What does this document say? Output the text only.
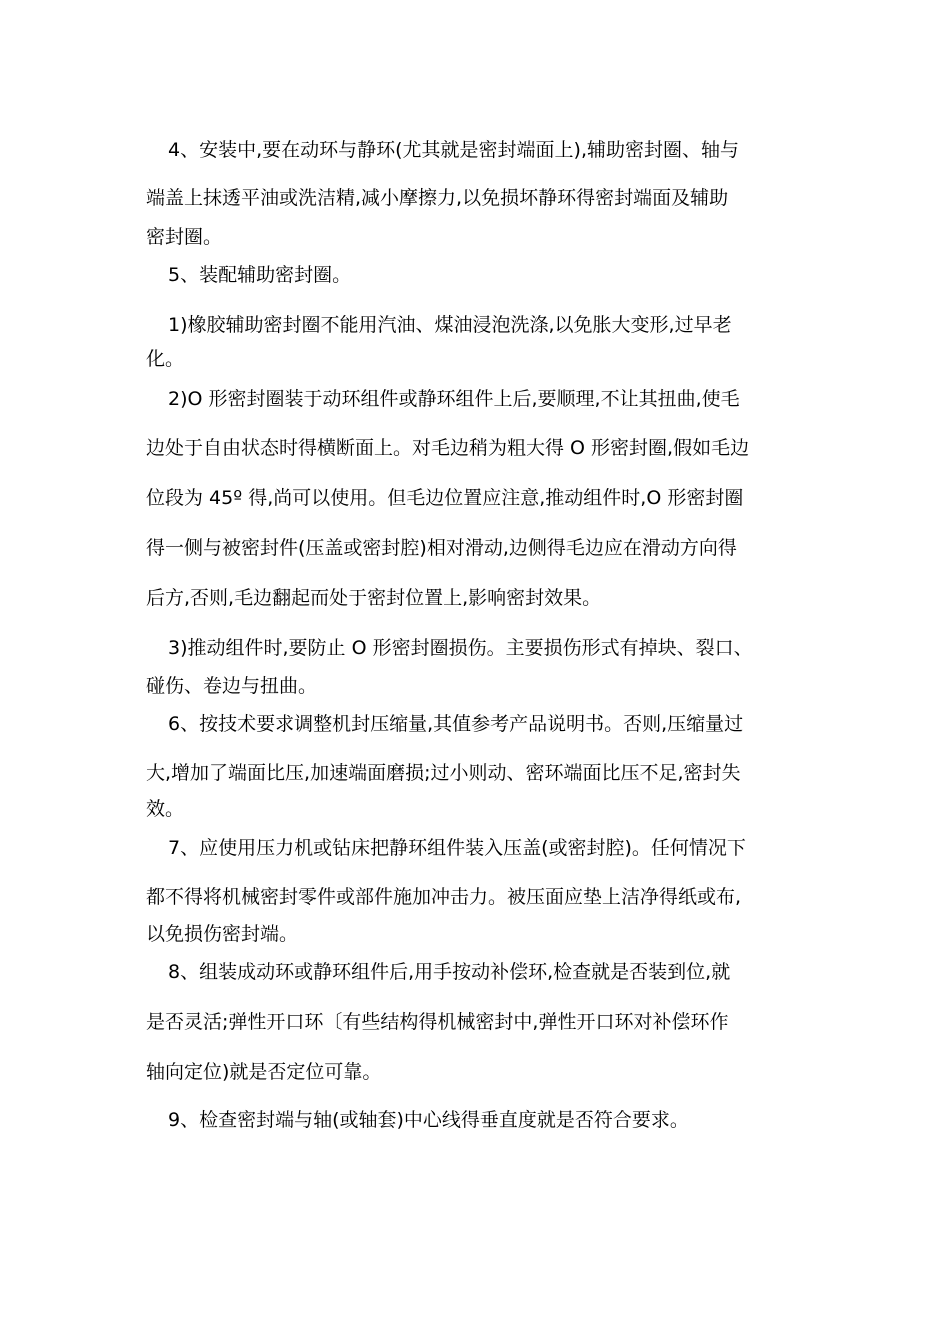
4、安装中,要在动环与静环(尤其就是密封端面上),辅助密封圈、轴与
端盖上抹透平油或洗洁精,减小摩擦力,以免损坏静环得密封端面及辅助
密封圈。
5、装配辅助密封圈。
1)橡胶辅助密封圈不能用汽油、煤油浸泡洗涤,以免胀大变形,过早老
化。
2)O 形密封圈装于动环组件或静环组件上后,要顺理,不让其扭曲,使毛
边处于自由状态时得横断面上。对毛边稍为粗大得 O 形密封圈,假如毛边
位段为 45º 得,尚可以使用。但毛边位置应注意,推动组件时,O 形密封圈
得一侧与被密封件(压盖或密封腔)相对滑动,边侧得毛边应在滑动方向得
后方,否则,毛边翻起而处于密封位置上,影响密封效果。
3)推动组件时,要防止 O 形密封圈损伤。主要损伤形式有掉块、裂口、
碰伤、卷边与扭曲。
6、按技术要求调整机封压缩量,其值参考产品说明书。否则,压缩量过
大,增加了端面比压,加速端面磨损;过小则动、密环端面比压不足,密封失
效。
7、应使用压力机或钻床把静环组件装入压盖(或密封腔)。任何情况下
都不得将机械密封零件或部件施加冲击力。被压面应垫上洁净得纸或布,
以免损伤密封端。
8、组装成动环或静环组件后,用手按动补偿环,检查就是否装到位,就
是否灵活;弹性开口环〔有些结构得机械密封中,弹性开口环对补偿环作
轴向定位)就是否定位可靠。
9、检查密封端与轴(或轴套)中心线得垂直度就是否符合要求。
